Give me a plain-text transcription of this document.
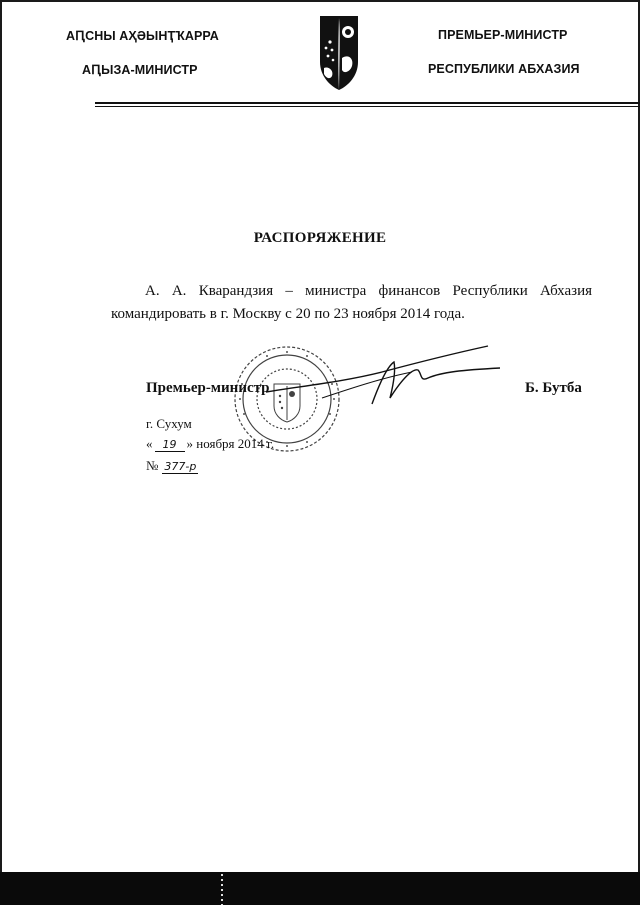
АԤСНЫ АҲӘЫНҬҠАРРА
АԤЫЗА-МИНИСТР
ПРЕМЬЕР-МИНИСТР
РЕСПУБЛИКИ АБХАЗИЯ
РАСПОРЯЖЕНИЕ
А. А. Кварандзия – министра финансов Республики Абхазия
командировать в г. Москву с 20 по 23 ноября 2014 года.
Премьер-министр	Б. Бутба
г. Сухум
« 19 » ноября 2014 г.
№ 377-р
